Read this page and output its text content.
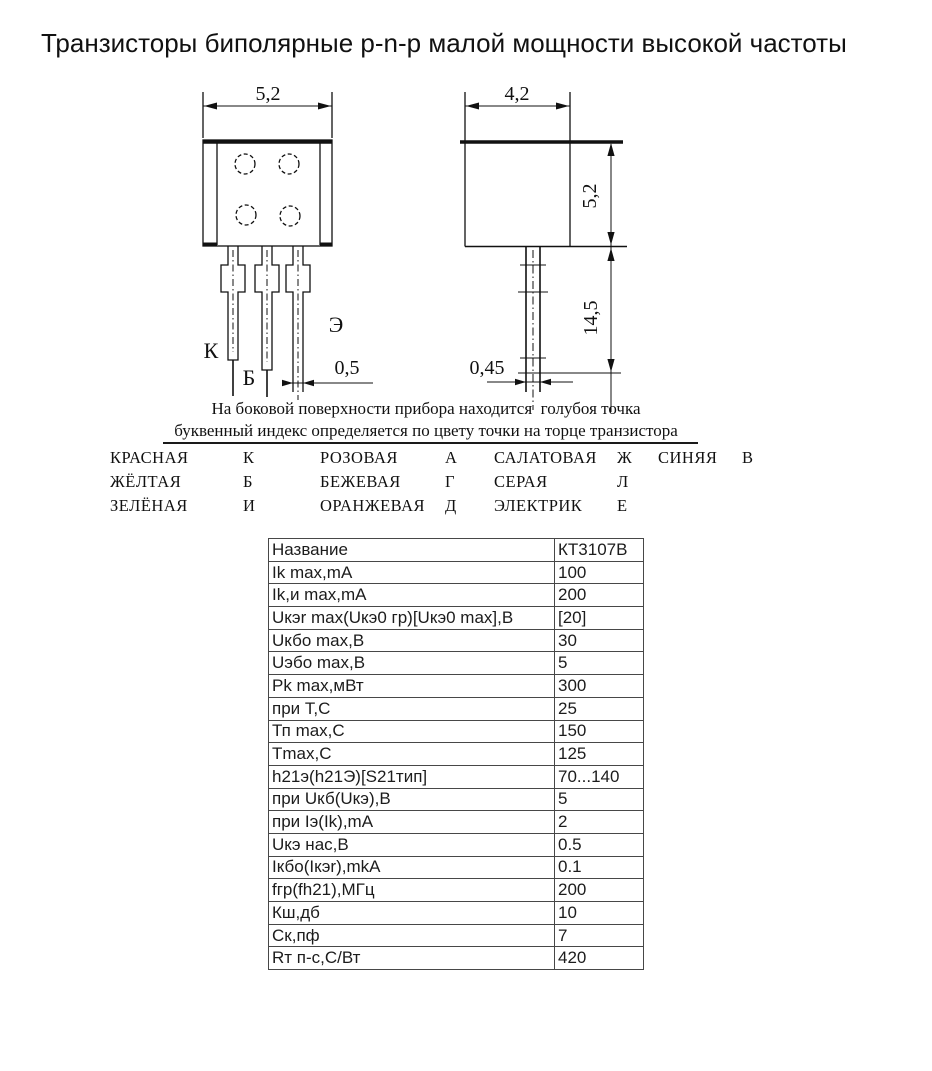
Транзисторы биполярные p-n-p малой мощности высокой частоты
5,2
К
Б
Э
0,5
4,2
5,2
14,5
0,45
На боковой поверхности прибора находится  голубоя точка
буквенный индекс определяется по цвету точки на торце транзистора
КРАСНАЯ	К	РОЗОВАЯ	А	САЛАТОВАЯ	Ж	СИНЯЯ	В
ЖЁЛТАЯ	Б	БЕЖЕВАЯ	Г	СЕРАЯ	Л
ЗЕЛЁНАЯ	И	ОРАНЖЕВАЯ	Д	ЭЛЕКТРИК	Е
Название	КТ3107В
Ik max,mA	100
Ik,и max,mA	200
Uкэr max(Uкэ0 гр)[Uкэ0 max],В	[20]
Uкбо max,В	30
Uэбо max,В	5
Pk max,мВт	300
при Т,С	25
Тп max,С	150
Tmax,C	125
h21э(h21Э)[S21тип]	70...140
при Uкб(Uкэ),В	5
при Iэ(Ik),mA	2
Uкэ нас,В	0.5
Iкбо(Iкэr),mkA	0.1
fгр(fh21),МГц	200
Кш,дб	10
Ск,пф	7
Rт п-с,С/Вт	420
